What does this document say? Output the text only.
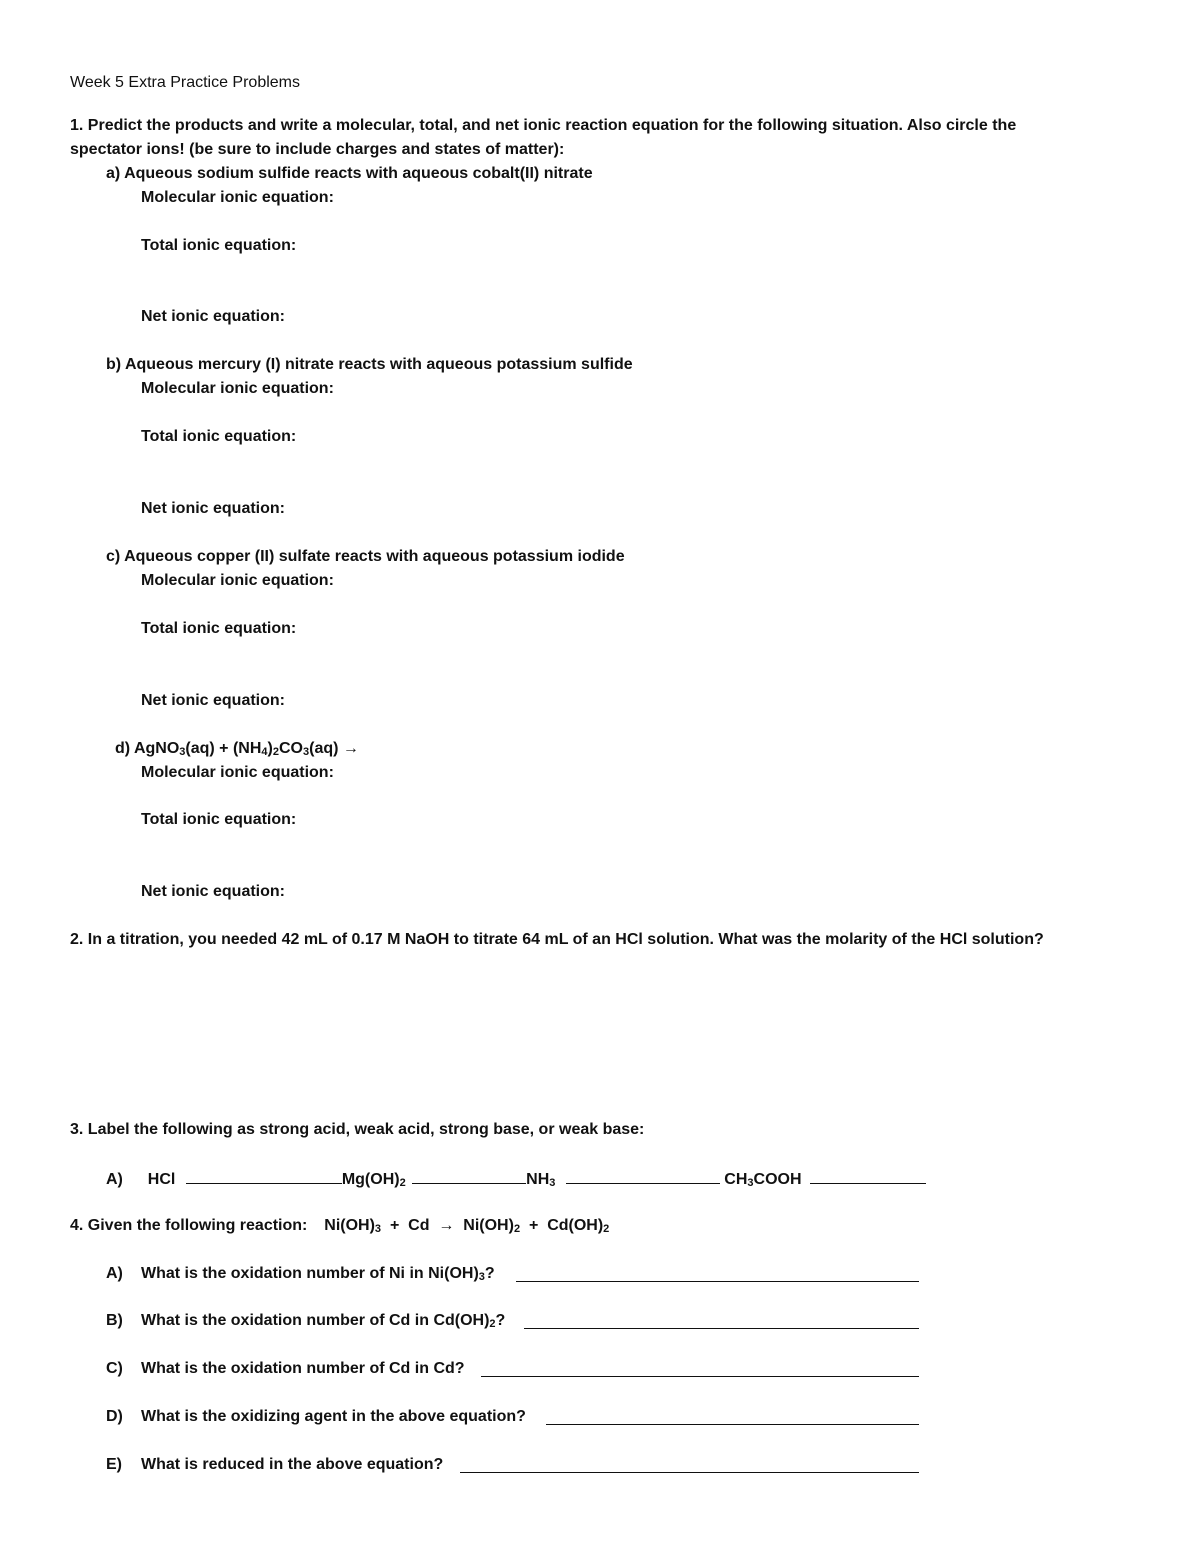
Week 5 Extra Practice Problems
1. Predict the products and write a molecular, total, and net ionic reaction equation for the following situation. Also circle the
spectator ions! (be sure to include charges and states of matter):
a) Aqueous sodium sulfide reacts with aqueous cobalt(II) nitrate
Molecular ionic equation:
Total ionic equation:
Net ionic equation:
b) Aqueous mercury (I) nitrate reacts with aqueous potassium sulfide
Molecular ionic equation:
Total ionic equation:
Net ionic equation:
c) Aqueous copper (II) sulfate reacts with aqueous potassium iodide
Molecular ionic equation:
Total ionic equation:
Net ionic equation:
d) AgNO$_3$(aq) + $(NH_4)_2CO_3(aq)$ →
Molecular ionic equation:
Total ionic equation:
Net ionic equation:
2. In a titration, you needed 42 mL of 0.17 M NaOH to titrate 64 mL of an HCl solution. What was the molarity of the HCl solution?
3. Label the following as strong acid, weak acid, strong base, or weak base:
A) HCl	$Mg(OH)_2$	$NH_3$	$CH_3COOH$
4. Given the following reaction: $Ni(OH)_3 + Cd \to Ni(OH)_2 + Cd(OH)_2$
A) What is the oxidation number of Ni in $Ni(OH)_3$?
B) What is the oxidation number of Cd in $Cd(OH)_2$?
C) What is the oxidation number of Cd in Cd?
D) What is the oxidizing agent in the above equation?
E) What is reduced in the above equation?
